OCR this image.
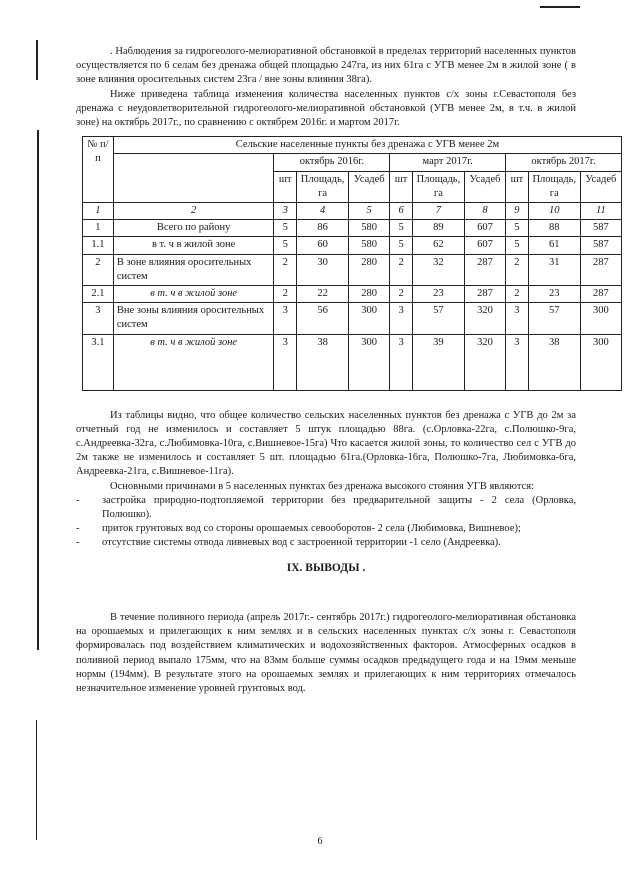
. Наблюдения за гидрогеолого-мелиоративной обстановкой в пределах территорий населенных пунктов осуществляется по 6 селам без дренажа общей площадью 247га, из них 61га с УГВ менее 2м в жилой зоне ( в зоне влияния оросительных систем 23га / вне зоны влияния 38га).

Ниже приведена таблица изменения количества населенных пунктов с/х зоны г.Севастополя без дренажа с неудовлетворительной гидрогеолого-мелиоративной обстановкой (УГВ менее 2м, в т.ч. в жилой зоне) на октябрь 2017г., по сравнению с октябрем 2016г. и мартом 2017г.

№ п/п	Сельские населенные пункты без дренажа с УГВ менее 2м									
		октябрь 2016г.			март 2017г.			октябрь 2017г.		
		шт	Площадь, га	Усадеб	шт	Площадь, га	Усадеб	шт	Площадь, га	Усадеб
1	2	3	4	5	6	7	8	9	10	11
1	Всего по району	5	86	580	5	89	607	5	88	587
1.1	в т. ч в жилой зоне	5	60	580	5	62	607	5	61	587
2	В зоне влияния оросительных систем	2	30	280	2	32	287	2	31	287
2.1	в т. ч в жилой зоне	2	22	280	2	23	287	2	23	287
3	Вне зоны влияния оросительных систем	3	56	300	3	57	320	3	57	300
3.1	в т. ч в жилой зоне	3	38	300	3	39	320	3	38	300

Из таблицы видно, что общее количество сельских населенных пунктов без дренажа с УГВ до 2м за отчетный год не изменилось и составляет 5 штук площадью 88га. (с.Орловка-22га, с.Полюшко-9га, с.Андреевка-32га, с.Любимовка-10га, с.Вишневое-15га) Что касается жилой зоны, то количество сел с УГВ до 2м также не изменилось и составляет 5 шт. площадью 61га.(Орловка-16га, Полюшко-7га, Любимовка-6га, Андреевка-21га, с.Вишневое-11га).

Основными причинами в 5 населенных пунктах без дренажа высокого стояния УГВ являются:

- застройка природно-подтопляемой территории без предварительной защиты - 2 села (Орловка, Полюшко).
- приток грунтовых вод со стороны орошаемых севооборотов- 2 села (Любимовка, Вишневое);
- отсутствие системы отвода ливневых вод с застроенной территории -1 село (Андреевка).
IX. ВЫВОДЫ .

В течение поливного периода (апрель 2017г.- сентябрь 2017г.) гидрогеолого-мелиоративная обстановка на орошаемых и прилегающих к ним землях и в сельских населенных пунктах с/х зоны г. Севастополя формировалась под воздействием климатических и водохозяйственных факторов. Атмосферных осадков в поливной период выпало 175мм, что на 83мм больше суммы осадков предыдущего года и на 19мм меньше нормы (194мм). В результате этого на орошаемых землях и прилегающих к ним территориях отмечалось незначительное изменение уровней грунтовых вод.

6
